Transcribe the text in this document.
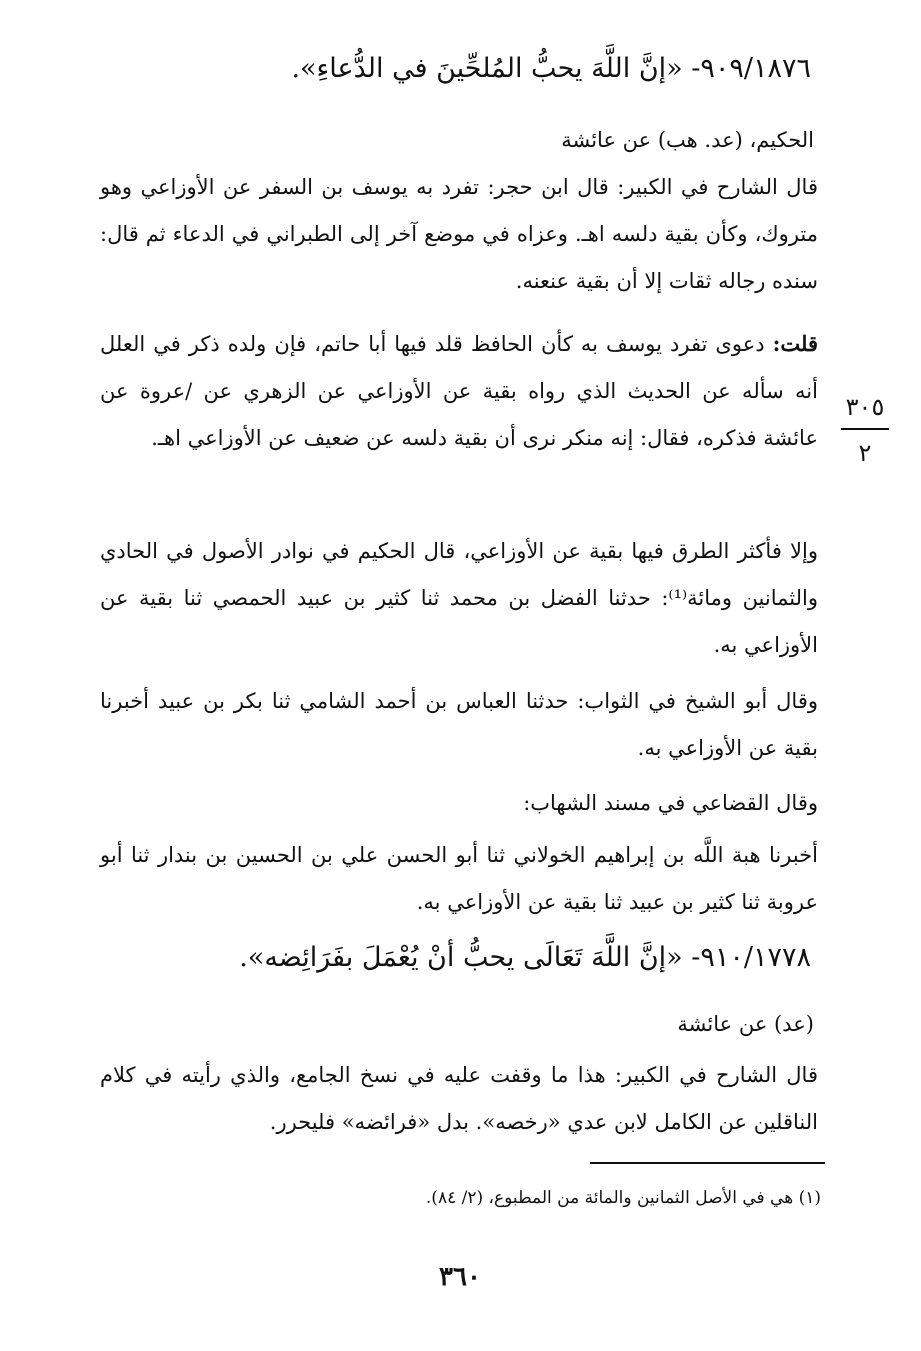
٩٠٩/١٨٧٦- «إنَّ اللَّهَ يحبُّ المُلحِّينَ في الدُّعاءِ».
الحكيم، (عد. هب) عن عائشة
قال الشارح في الكبير: قال ابن حجر: تفرد به يوسف بن السفر عن الأوزاعي وهو متروك، وكأن بقية دلسه اهـ. وعزاه في موضع آخر إلى الطبراني في الدعاء ثم قال: سنده رجاله ثقات إلا أن بقية عنعنه.
قلت: دعوى تفرد يوسف به كأن الحافظ قلد فيها أبا حاتم، فإن ولده ذكر في العلل أنه سأله عن الحديث الذي رواه بقية عن الأوزاعي عن الزهري عن /عروة عن عائشة فذكره، فقال: إنه منكر نرى أن بقية دلسه عن ضعيف عن الأوزاعي اهـ.
٣٠٥
٢
وإلا فأكثر الطرق فيها بقية عن الأوزاعي، قال الحكيم في نوادر الأصول في الحادي والثمانين ومائة⁽¹⁾: حدثنا الفضل بن محمد ثنا كثير بن عبيد الحمصي ثنا بقية عن الأوزاعي به.
وقال أبو الشيخ في الثواب: حدثنا العباس بن أحمد الشامي ثنا بكر بن عبيد أخبرنا بقية عن الأوزاعي به.
وقال القضاعي في مسند الشهاب:
أخبرنا هبة اللَّه بن إبراهيم الخولاني ثنا أبو الحسن علي بن الحسين بن بندار ثنا أبو عروبة ثنا كثير بن عبيد ثنا بقية عن الأوزاعي به.
٩١٠/١٧٧٨- «إنَّ اللَّهَ تَعَالَى يحبُّ أنْ يُعْمَلَ بفَرَائِضه».
(عد) عن عائشة
قال الشارح في الكبير: هذا ما وقفت عليه في نسخ الجامع، والذي رأيته في كلام الناقلين عن الكامل لابن عدي «رخصه». بدل «فرائضه» فليحرر.
(١) هي في الأصل الثمانين والمائة من المطبوع، (٢/ ٨٤).
٣٦٠
